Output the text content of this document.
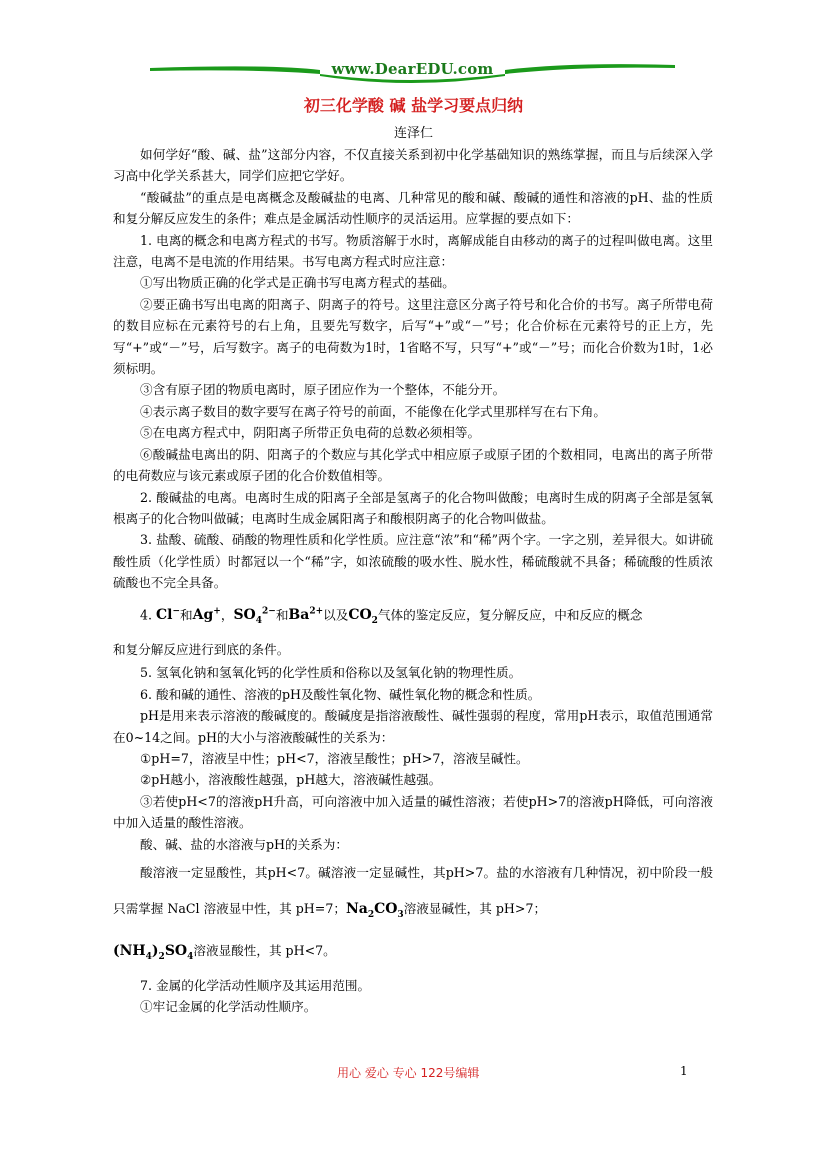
www.DearEDU.com
初三化学酸 碱 盐学习要点归纳
连泽仁

如何学好“酸、碱、盐”这部分内容，不仅直接关系到初中化学基础知识的熟练掌握，而且与后续深入学习高中化学关系甚大，同学们应把它学好。

“酸碱盐”的重点是电离概念及酸碱盐的电离、几种常见的酸和碱、酸碱的通性和溶液的pH、盐的性质和复分解反应发生的条件；难点是金属活动性顺序的灵活运用。应掌握的要点如下：

1. 电离的概念和电离方程式的书写。物质溶解于水时，离解成能自由移动的离子的过程叫做电离。这里注意，电离不是电流的作用结果。书写电离方程式时应注意：

①写出物质正确的化学式是正确书写电离方程式的基础。

②要正确书写出电离的阳离子、阴离子的符号。这里注意区分离子符号和化合价的书写。离子所带电荷的数目应标在元素符号的右上角，且要先写数字，后写“+”或“－”号；化合价标在元素符号的正上方，先写“+”或“－”号，后写数字。离子的电荷数为1时，1省略不写，只写“+”或“－”号；而化合价数为1时，1必须标明。

③含有原子团的物质电离时，原子团应作为一个整体，不能分开。

④表示离子数目的数字要写在离子符号的前面，不能像在化学式里那样写在右下角。

⑤在电离方程式中，阴阳离子所带正负电荷的总数必须相等。

⑥酸碱盐电离出的阴、阳离子的个数应与其化学式中相应原子或原子团的个数相同，电离出的离子所带的电荷数应与该元素或原子团的化合价数值相等。

2. 酸碱盐的电离。电离时生成的阳离子全部是氢离子的化合物叫做酸；电离时生成的阴离子全部是氢氧根离子的化合物叫做碱；电离时生成金属阳离子和酸根阴离子的化合物叫做盐。

3. 盐酸、硫酸、硝酸的物理性质和化学性质。应注意“浓”和“稀”两个字。一字之别，差异很大。如讲硫酸性质（化学性质）时都冠以一个“稀”字，如浓硫酸的吸水性、脱水性，稀硫酸就不具备；稀硫酸的性质浓硫酸也不完全具备。

4. Cl−和Ag+，$SO_4^{2-}$和$Ba^{2+}$以及$CO_2$气体的鉴定反应，复分解反应，中和反应的概念

和复分解反应进行到底的条件。

5. 氢氧化钠和氢氧化钙的化学性质和俗称以及氢氧化钠的物理性质。

6. 酸和碱的通性、溶液的pH及酸性氧化物、碱性氧化物的概念和性质。

pH是用来表示溶液的酸碱度的。酸碱度是指溶液酸性、碱性强弱的程度，常用pH表示，取值范围通常在0~14之间。pH的大小与溶液酸碱性的关系为：

①pH=7，溶液呈中性；pH<7，溶液呈酸性；pH>7，溶液呈碱性。

②pH越小，溶液酸性越强，pH越大，溶液碱性越强。

③若使pH<7的溶液pH升高，可向溶液中加入适量的碱性溶液；若使pH>7的溶液pH降低，可向溶液中加入适量的酸性溶液。

酸、碱、盐的水溶液与pH的关系为：

酸溶液一定显酸性，其pH<7。碱溶液一定显碱性，其pH>7。盐的水溶液有几种情况，初中阶段一般只需掌握 NaCl 溶液显中性，其 pH=7；$Na_2CO_3$溶液显碱性，其 pH>7；

$(NH_4)_2SO_4$溶液显酸性，其 pH<7。

7. 金属的化学活动性顺序及其运用范围。

①牢记金属的化学活动性顺序。

用心 爱心 专心 122号编辑	1
